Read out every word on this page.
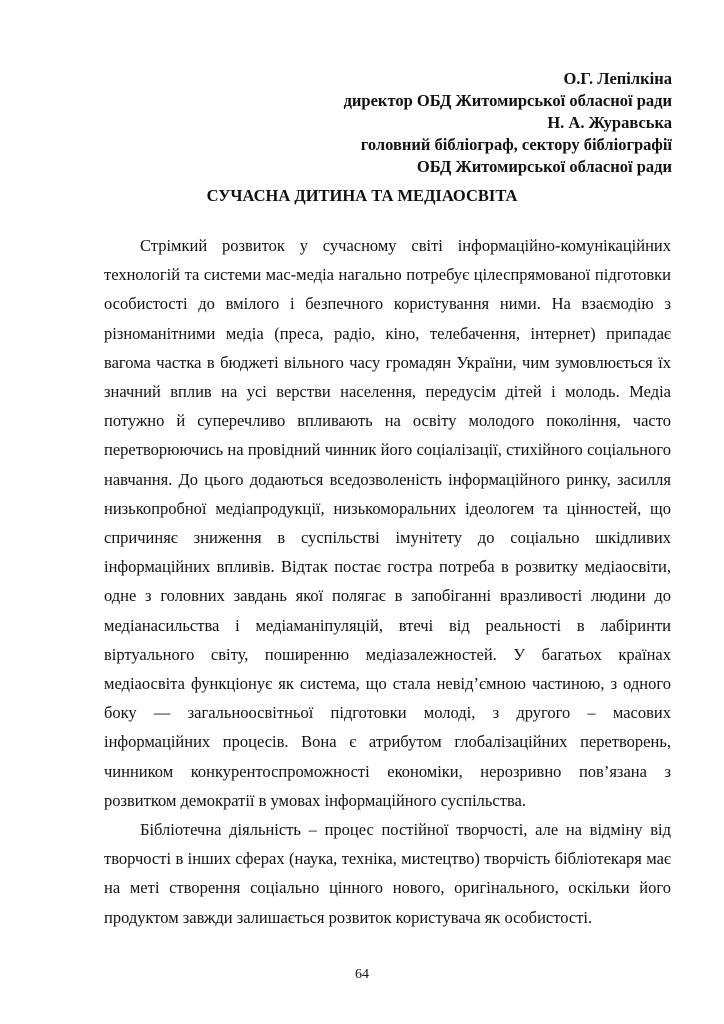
О.Г. Лепілкіна
директор ОБД Житомирської обласної ради
Н. А. Журавська
головний бібліограф, сектору бібліографії
ОБД Житомирської обласної ради
СУЧАСНА ДИТИНА ТА МЕДІАОСВІТА

Стрімкий розвиток у сучасному світі інформаційно-комунікаційних технологій та системи мас-медіа нагально потребує цілеспрямованої підготовки особистості до вмілого і безпечного користування ними. На взаємодію з різноманітними медіа (преса, радіо, кіно, телебачення, інтернет) припадає вагома частка в бюджеті вільного часу громадян України, чим зумовлюється їх значний вплив на усі верстви населення, передусім дітей і молодь. Медіа потужно й суперечливо впливають на освіту молодого покоління, часто перетворюючись на провідний чинник його соціалізації, стихійного соціального навчання. До цього додаються вседозволеність інформаційного ринку, засилля низькопробної медіапродукції, низькоморальних ідеологем та цінностей, що спричиняє зниження в суспільстві імунітету до соціально шкідливих інформаційних впливів. Відтак постає гостра потреба в розвитку медіаосвіти, одне з головних завдань якої полягає в запобіганні вразливості людини до медіанасильства і медіаманіпуляцій, втечі від реальності в лабіринти віртуального світу, поширенню медіазалежностей. У багатьох країнах медіаосвіта функціонує як система, що стала невід’ємною частиною, з одного боку — загальноосвітньої підготовки молоді, з другого – масових інформаційних процесів. Вона є атрибутом глобалізаційних перетворень, чинником конкурентоспроможності економіки, нерозривно пов’язана з розвитком демократії в умовах інформаційного суспільства.

Бібліотечна діяльність – процес постійної творчості, але на відміну від творчості в інших сферах (наука, техніка, мистецтво) творчість бібліотекаря має на меті створення соціально цінного нового, оригінального, оскільки його продуктом завжди залишається розвиток користувача як особистості.

64
